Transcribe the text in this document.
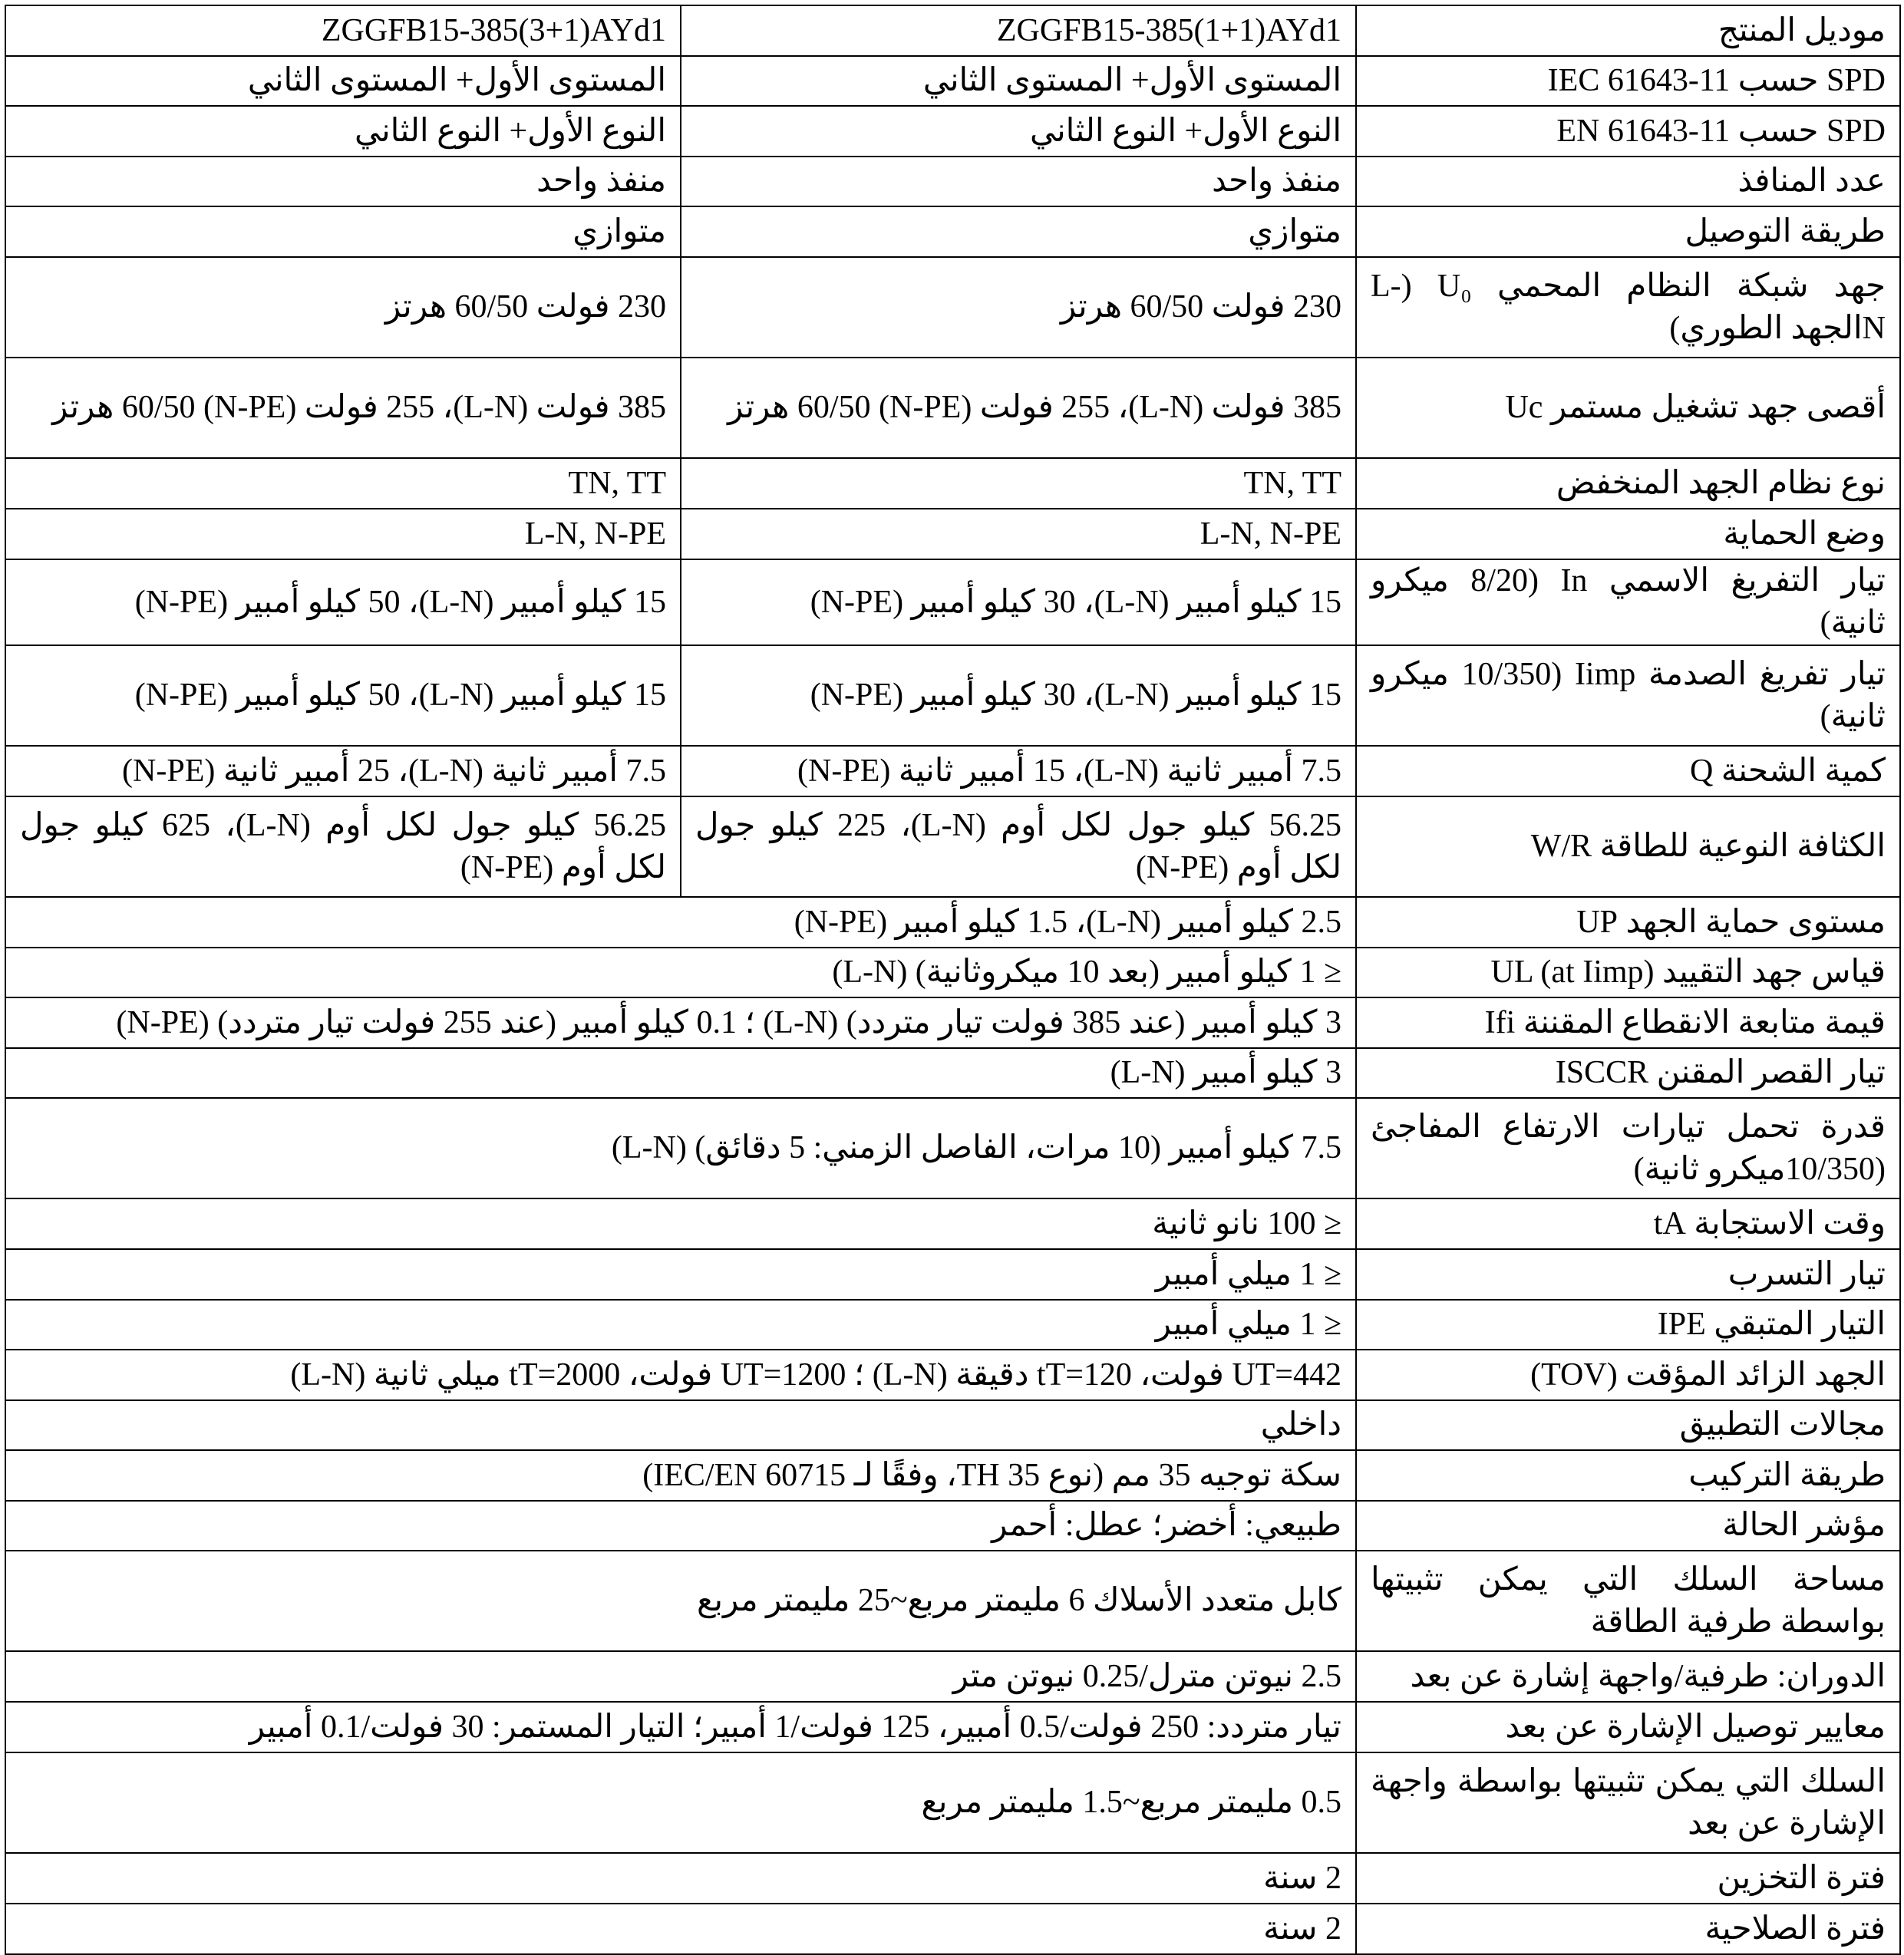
موديل المنتج	ZGGFB15-385(1+1)AYd1	ZGGFB15-385(3+1)AYd1
SPD حسب IEC 61643-11	المستوى الأول+ المستوى الثاني	المستوى الأول+ المستوى الثاني
SPD حسب EN 61643-11	النوع الأول+ النوع الثاني	النوع الأول+ النوع الثاني
عدد المنافذ	منفذ واحد	منفذ واحد
طريقة التوصيل	متوازي	متوازي
جهد شبكة النظام المحمي U₀ (L-Nالجهد الطوري)	230 فولت 60/50 هرتز	230 فولت 60/50 هرتز
أقصى جهد تشغيل مستمر Uc	385 فولت (L-N)، 255 فولت (N-PE) 60/50 هرتز	385 فولت (L-N)، 255 فولت (N-PE) 60/50 هرتز
نوع نظام الجهد المنخفض	TN, TT	TN, TT
وضع الحماية	L-N, N-PE	L-N, N-PE
تيار التفريغ الاسمي In (8/20 ميكرو ثانية)	15 كيلو أمبير (L-N)، 30 كيلو أمبير (N-PE)	15 كيلو أمبير (L-N)، 50 كيلو أمبير (N-PE)
تيار تفريغ الصدمة Iimp (10/350 ميكرو ثانية)	15 كيلو أمبير (L-N)، 30 كيلو أمبير (N-PE)	15 كيلو أمبير (L-N)، 50 كيلو أمبير (N-PE)
كمية الشحنة Q	7.5 أمبير ثانية (L-N)، 15 أمبير ثانية (N-PE)	7.5 أمبير ثانية (L-N)، 25 أمبير ثانية (N-PE)
الكثافة النوعية للطاقة W/R	56.25 كيلو جول لكل أوم (L-N)، 225 كيلو جول لكل أوم (N-PE)	56.25 كيلو جول لكل أوم (L-N)، 625 كيلو جول لكل أوم (N-PE)
مستوى حماية الجهد UP	2.5 كيلو أمبير (L-N)، 1.5 كيلو أمبير (N-PE)	
قياس جهد التقييد UL (at Iimp)	≤ 1 كيلو أمبير (بعد 10 ميكروثانية) (L-N)	
قيمة متابعة الانقطاع المقننة Ifi	3 كيلو أمبير (عند 385 فولت تيار متردد) (L-N) ؛ 0.1 كيلو أمبير (عند 255 فولت تيار متردد) (N-PE)	
تيار القصر المقنن ISCCR	3 كيلو أمبير (L-N)	
قدرة تحمل تيارات الارتفاع المفاجئ (10/350ميكرو ثانية)	7.5 كيلو أمبير (10 مرات، الفاصل الزمني: 5 دقائق) (L-N)	
وقت الاستجابة tA	≤ 100 نانو ثانية	
تيار التسرب	≤ 1 ميلي أمبير	
التيار المتبقي IPE	≤ 1 ميلي أمبير	
الجهد الزائد المؤقت (TOV)	UT=442 فولت، tT=120 دقيقة (L-N) ؛ UT=1200 فولت، tT=2000 ميلي ثانية (L-N)	
مجالات التطبيق	داخلي	
طريقة التركيب	سكة توجيه 35 مم (نوع TH 35، وفقًا لـ IEC/EN 60715)	
مؤشر الحالة	طبيعي: أخضر؛ عطل: أحمر	
مساحة السلك التي يمكن تثبيتها بواسطة طرفية الطاقة	كابل متعدد الأسلاك 6 مليمتر مربع~25 مليمتر مربع	
الدوران: طرفية/واجهة إشارة عن بعد	2.5 نيوتن مترل/0.25 نيوتن متر	
معايير توصيل الإشارة عن بعد	تيار متردد: 250 فولت/0.5 أمبير، 125 فولت/1 أمبير؛ التيار المستمر: 30 فولت/0.1 أمبير	
السلك التي يمكن تثبيتها بواسطة واجهة الإشارة عن بعد	0.5 مليمتر مربع~1.5 مليمتر مربع	
فترة التخزين	2 سنة	
فترة الصلاحية	2 سنة	
